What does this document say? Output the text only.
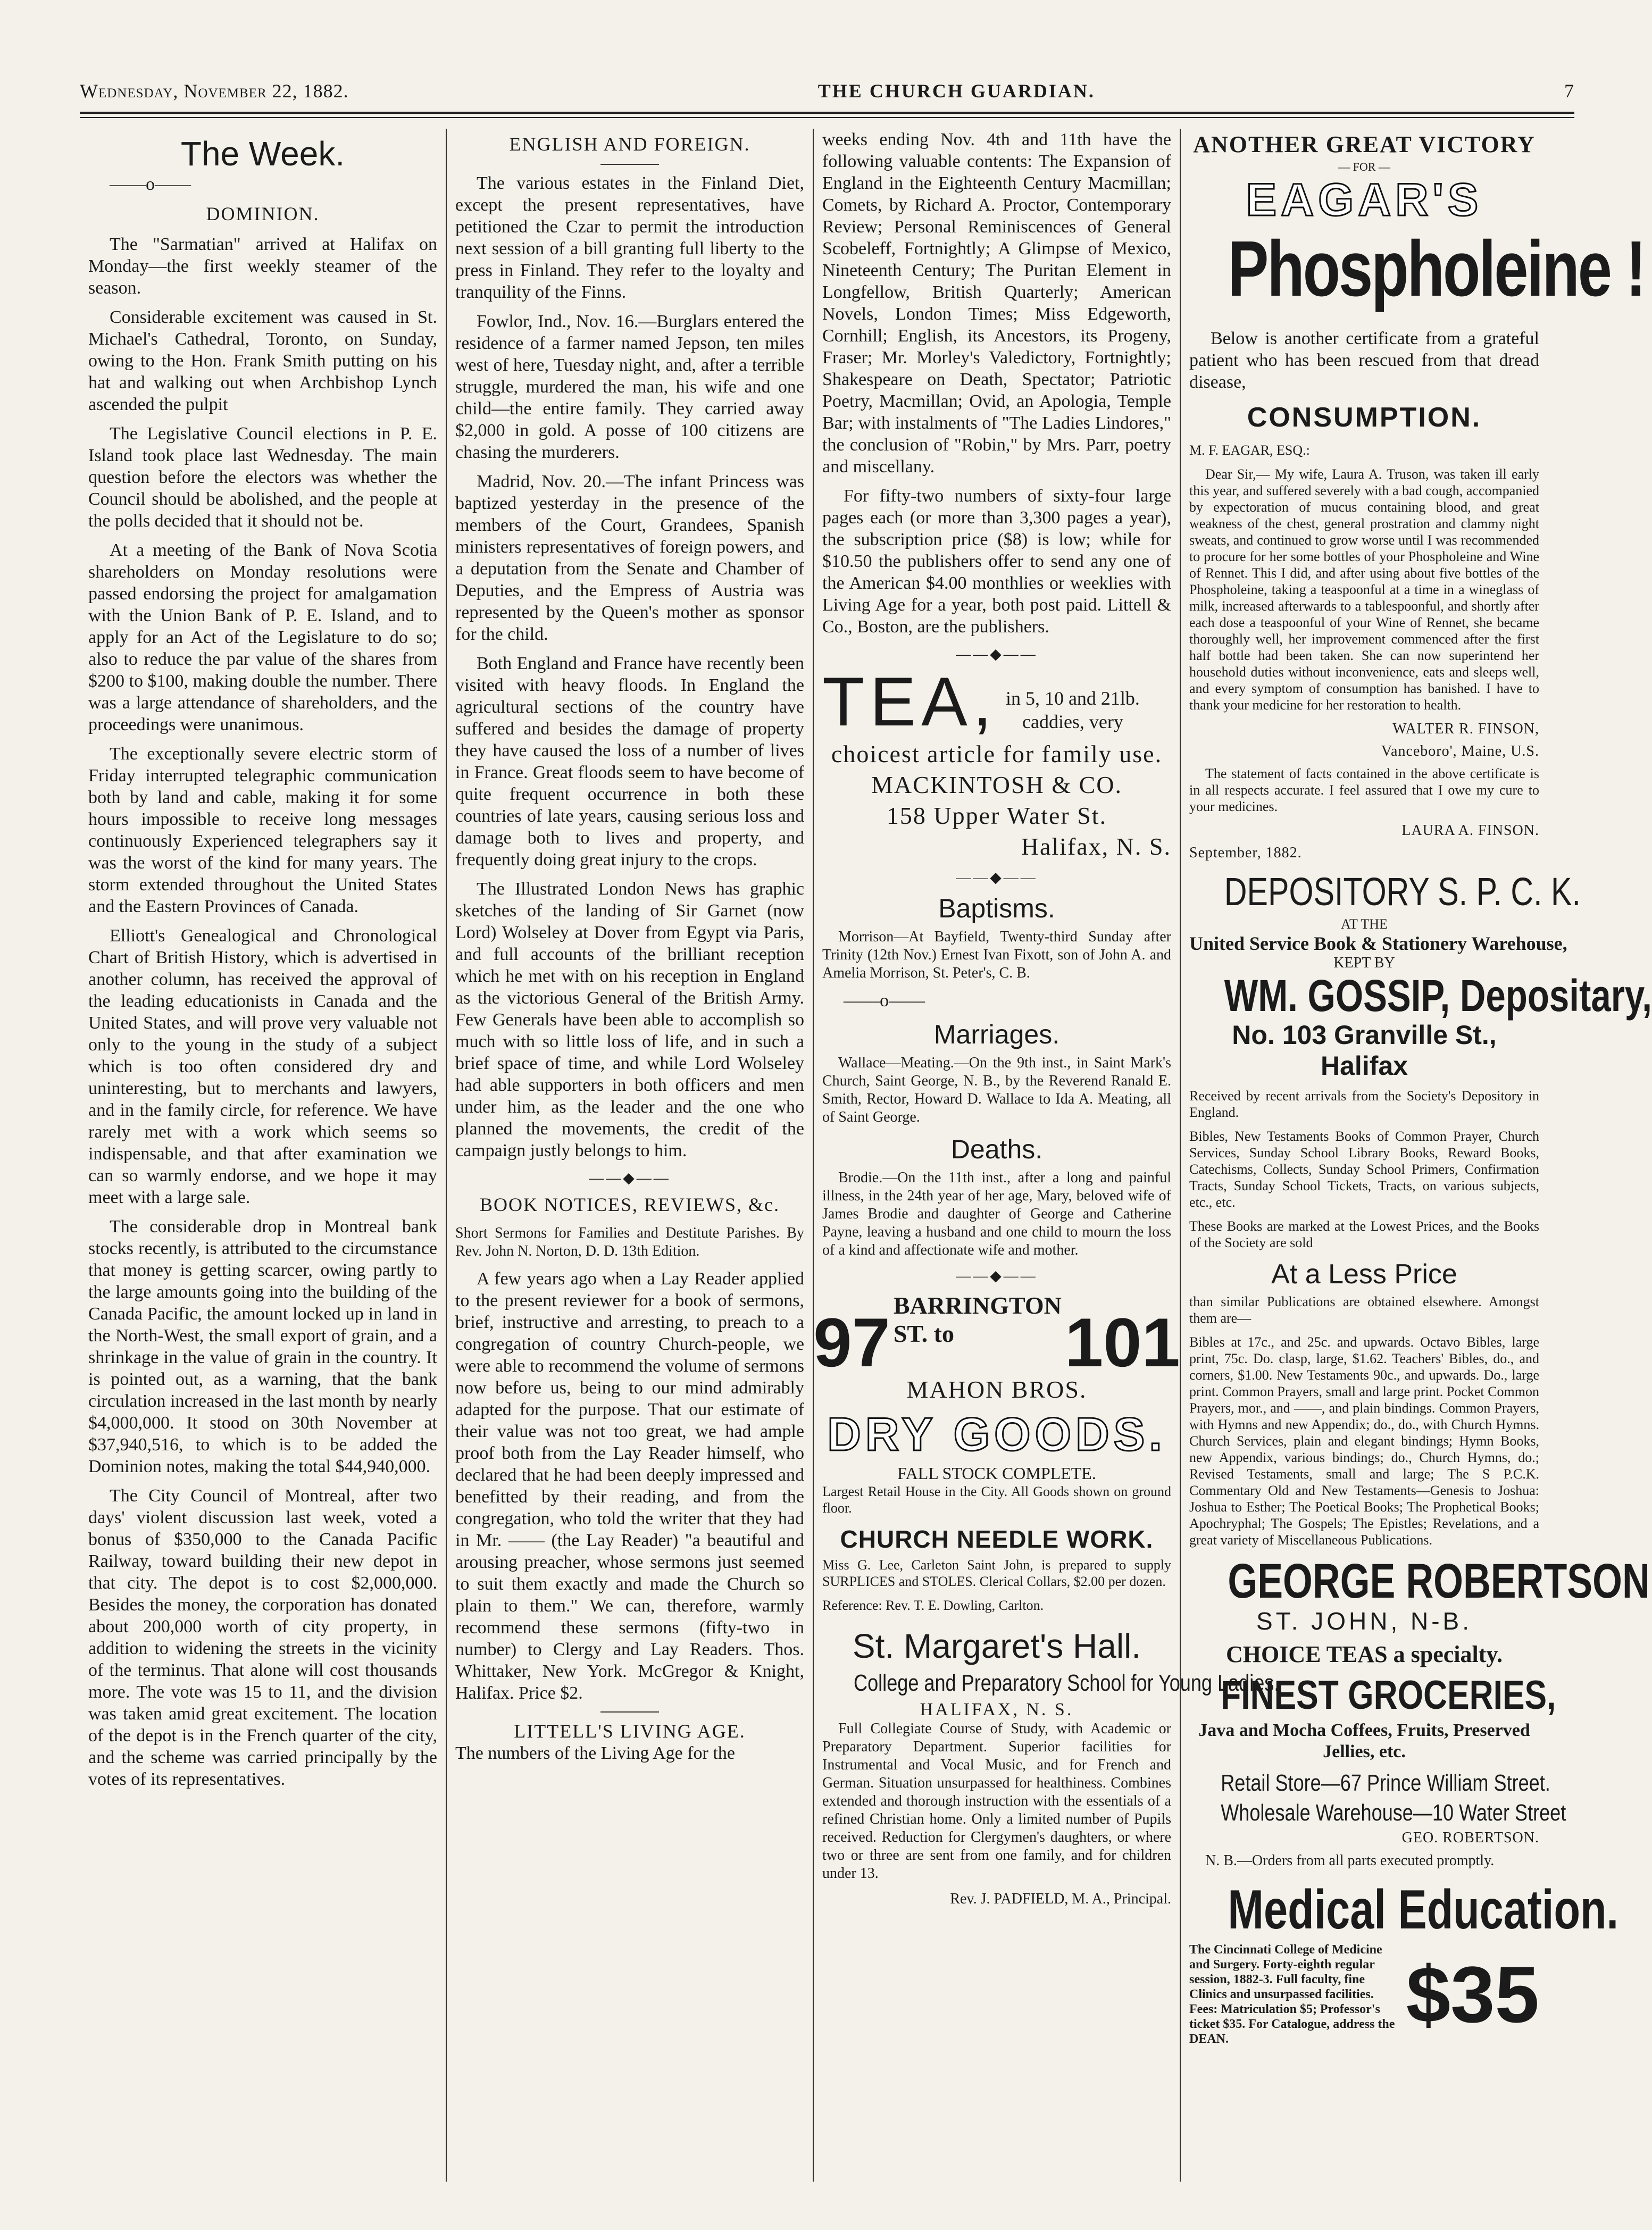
Wednesday, November 22, 1882.	THE CHURCH GUARDIAN.	7
The Week.

——o——

DOMINION.

The "Sarmatian" arrived at Halifax on Monday—the first weekly steamer of the season.

Considerable excitement was caused in St. Michael's Cathedral, Toronto, on Sunday, owing to the Hon. Frank Smith putting on his hat and walking out when Archbishop Lynch ascended the pulpit

The Legislative Council elections in P. E. Island took place last Wednesday. The main question before the electors was whether the Council should be abolished, and the people at the polls decided that it should not be.

At a meeting of the Bank of Nova Scotia shareholders on Monday resolutions were passed endorsing the project for amalgamation with the Union Bank of P. E. Island, and to apply for an Act of the Legislature to do so; also to reduce the par value of the shares from $200 to $100, making double the number. There was a large attendance of shareholders, and the proceedings were unanimous.

The exceptionally severe electric storm of Friday interrupted telegraphic communication both by land and cable, making it for some hours impossible to receive long messages continuously Experienced telegraphers say it was the worst of the kind for many years. The storm extended throughout the United States and the Eastern Provinces of Canada.

Elliott's Genealogical and Chronological Chart of British History, which is advertised in another column, has received the approval of the leading educationists in Canada and the United States, and will prove very valuable not only to the young in the study of a subject which is too often considered dry and uninteresting, but to merchants and lawyers, and in the family circle, for reference. We have rarely met with a work which seems so indispensable, and that after examination we can so warmly endorse, and we hope it may meet with a large sale.

The considerable drop in Montreal bank stocks recently, is attributed to the circumstance that money is getting scarcer, owing partly to the large amounts going into the building of the Canada Pacific, the amount locked up in land in the North-West, the small export of grain, and a shrinkage in the value of grain in the country. It is pointed out, as a warning, that the bank circulation increased in the last month by nearly $4,000,000. It stood on 30th November at $37,940,516, to which is to be added the Dominion notes, making the total $44,940,000.

The City Council of Montreal, after two days' violent discussion last week, voted a bonus of $350,000 to the Canada Pacific Railway, toward building their new depot in that city. The depot is to cost $2,000,000. Besides the money, the corporation has donated about 200,000 worth of city property, in addition to widening the streets in the vicinity of the terminus. That alone will cost thousands more. The vote was 15 to 11, and the division was taken amid great excitement. The location of the depot is in the French quarter of the city, and the scheme was carried principally by the votes of its representatives.

ENGLISH AND FOREIGN.

The various estates in the Finland Diet, except the present representatives, have petitioned the Czar to permit the introduction next session of a bill granting full liberty to the press in Finland. They refer to the loyalty and tranquility of the Finns.

Fowlor, Ind., Nov. 16.—Burglars entered the residence of a farmer named Jepson, ten miles west of here, Tuesday night, and, after a terrible struggle, murdered the man, his wife and one child—the entire family. They carried away $2,000 in gold. A posse of 100 citizens are chasing the murderers.

Madrid, Nov. 20.—The infant Princess was baptized yesterday in the presence of the members of the Court, Grandees, Spanish ministers representatives of foreign powers, and a deputation from the Senate and Chamber of Deputies, and the Empress of Austria was represented by the Queen's mother as sponsor for the child.

Both England and France have recently been visited with heavy floods. In England the agricultural sections of the country have suffered and besides the damage of property they have caused the loss of a number of lives in France. Great floods seem to have become of quite frequent occurrence in both these countries of late years, causing serious loss and damage both to lives and property, and frequently doing great injury to the crops.

The Illustrated London News has graphic sketches of the landing of Sir Garnet (now Lord) Wolseley at Dover from Egypt via Paris, and full accounts of the brilliant reception which he met with on his reception in England as the victorious General of the British Army. Few Generals have been able to accomplish so much with so little loss of life, and in such a brief space of time, and while Lord Wolseley had able supporters in both officers and men under him, as the leader and the one who planned the movements, the credit of the campaign justly belongs to him.

——◆——
BOOK NOTICES, REVIEWS, &c.

Short Sermons for Families and Destitute Parishes. By Rev. John N. Norton, D. D. 13th Edition.

A few years ago when a Lay Reader applied to the present reviewer for a book of sermons, brief, instructive and arresting, to preach to a congregation of country Church-people, we were able to recommend the volume of sermons now before us, being to our mind admirably adapted for the purpose. That our estimate of their value was not too great, we had ample proof both from the Lay Reader himself, who declared that he had been deeply impressed and benefitted by their reading, and from the congregation, who told the writer that they had in Mr. —— (the Lay Reader) "a beautiful and arousing preacher, whose sermons just seemed to suit them exactly and made the Church so plain to them." We can, therefore, warmly recommend these sermons (fifty-two in number) to Clergy and Lay Readers. Thos. Whittaker, New York. McGregor & Knight, Halifax. Price $2.

LITTELL'S LIVING AGE.

The numbers of the Living Age for the

weeks ending Nov. 4th and 11th have the following valuable contents: The Expansion of England in the Eighteenth Century Macmillan; Comets, by Richard A. Proctor, Contemporary Review; Personal Reminiscences of General Scobeleff, Fortnightly; A Glimpse of Mexico, Nineteenth Century; The Puritan Element in Longfellow, British Quarterly; American Novels, London Times; Miss Edgeworth, Cornhill; English, its Ancestors, its Progeny, Fraser; Mr. Morley's Valedictory, Fortnightly; Shakespeare on Death, Spectator; Patriotic Poetry, Macmillan; Ovid, an Apologia, Temple Bar; with instalments of "The Ladies Lindores," the conclusion of "Robin," by Mrs. Parr, poetry and miscellany.

For fifty-two numbers of sixty-four large pages each (or more than 3,300 pages a year), the subscription price ($8) is low; while for $10.50 the publishers offer to send any one of the American $4.00 monthlies or weeklies with Living Age for a year, both post paid. Littell & Co., Boston, are the publishers.

——◆——
TEA, in 5, 10 and 21lb.
caddies, very
choicest article for family use.
MACKINTOSH & CO.
158 Upper Water St.
Halifax, N. S.
——◆——
Baptisms.

Morrison—At Bayfield, Twenty-third Sunday after Trinity (12th Nov.) Ernest Ivan Fixott, son of John A. and Amelia Morrison, St. Peter's, C. B.

——o——

Marriages.

Wallace—Meating.—On the 9th inst., in Saint Mark's Church, Saint George, N. B., by the Reverend Ranald E. Smith, Rector, Howard D. Wallace to Ida A. Meating, all of Saint George.

Deaths.

Brodie.—On the 11th inst., after a long and painful illness, in the 24th year of her age, Mary, beloved wife of James Brodie and daughter of George and Catherine Payne, leaving a husband and one child to mourn the loss of a kind and affectionate wife and mother.

——◆——
97 BARRINGTON ST. to	101
MAHON BROS.
DRY GOODS.
FALL STOCK COMPLETE.

Largest Retail House in the City. All Goods shown on ground floor.

CHURCH NEEDLE WORK.

Miss G. Lee, Carleton Saint John, is prepared to supply SURPLICES and STOLES. Clerical Collars, $2.00 per dozen.

Reference: Rev. T. E. Dowling, Carlton.

St. Margaret's Hall.
College and Preparatory School for Young Ladies.
HALIFAX, N. S.

Full Collegiate Course of Study, with Academic or Preparatory Department. Superior facilities for Instrumental and Vocal Music, and for French and German. Situation unsurpassed for healthiness. Combines extended and thorough instruction with the essentials of a refined Christian home. Only a limited number of Pupils received. Reduction for Clergymen's daughters, or where two or three are sent from one family, and for children under 13.

Rev. J. PADFIELD, M. A., Principal.

ANOTHER GREAT VICTORY
— FOR —
EAGAR'S
Phospholeine !

Below is another certificate from a grateful patient who has been rescued from that dread disease,

CONSUMPTION.

M. F. EAGAR, ESQ.:

Dear Sir,— My wife, Laura A. Truson, was taken ill early this year, and suffered severely with a bad cough, accompanied by expectoration of mucus containing blood, and great weakness of the chest, general prostration and clammy night sweats, and continued to grow worse until I was recommended to procure for her some bottles of your Phospholeine and Wine of Rennet. This I did, and after using about five bottles of the Phospholeine, taking a teaspoonful at a time in a wineglass of milk, increased afterwards to a tablespoonful, and shortly after each dose a teaspoonful of your Wine of Rennet, she became thoroughly well, her improvement commenced after the first half bottle had been taken. She can now superintend her household duties without inconvenience, eats and sleeps well, and every symptom of consumption has banished. I have to thank your medicine for her restoration to health.

WALTER R. FINSON,
Vanceboro', Maine, U.S.

The statement of facts contained in the above certificate is in all respects accurate. I feel assured that I owe my cure to your medicines.

LAURA A. FINSON.
September, 1882.
DEPOSITORY S. P. C. K.
AT THE
United Service Book & Stationery Warehouse,
KEPT BY
WM. GOSSIP, Depositary,
No. 103 Granville St., Halifax

Received by recent arrivals from the Society's Depository in England.

Bibles, New Testaments Books of Common Prayer, Church Services, Sunday School Library Books, Reward Books, Catechisms, Collects, Sunday School Primers, Confirmation Tracts, Sunday School Tickets, Tracts, on various subjects, etc., etc.

These Books are marked at the Lowest Prices, and the Books of the Society are sold

At a Less Price

than similar Publications are obtained elsewhere. Amongst them are—

Bibles at 17c., and 25c. and upwards. Octavo Bibles, large print, 75c. Do. clasp, large, $1.62. Teachers' Bibles, do., and corners, $1.00. New Testaments 90c., and upwards. Do., large print. Common Prayers, small and large print. Pocket Common Prayers, mor., and ——, and plain bindings. Common Prayers, with Hymns and new Appendix; do., do., with Church Hymns. Church Services, plain and elegant bindings; Hymn Books, new Appendix, various bindings; do., Church Hymns, do.; Revised Testaments, small and large; The S P.C.K. Commentary Old and New Testaments—Genesis to Joshua: Joshua to Esther; The Poetical Books; The Prophetical Books; Apochryphal; The Gospels; The Epistles; Revelations, and a great variety of Miscellaneous Publications.

GEORGE ROBERTSON
ST. JOHN, N-B.
CHOICE TEAS a specialty.
FINEST GROCERIES,
Java and Mocha Coffees, Fruits, Preserved Jellies, etc.
Retail Store—67 Prince William Street.
Wholesale Warehouse—10 Water Street
GEO. ROBERTSON.

N. B.—Orders from all parts executed promptly.

Medical Education.
The Cincinnati College of Medicine and Surgery. Forty-eighth regular session, 1882-3. Full faculty, fine Clinics and unsurpassed facilities. Fees: Matriculation $5; Professor's ticket $35. For Catalogue, address the DEAN.	$35
